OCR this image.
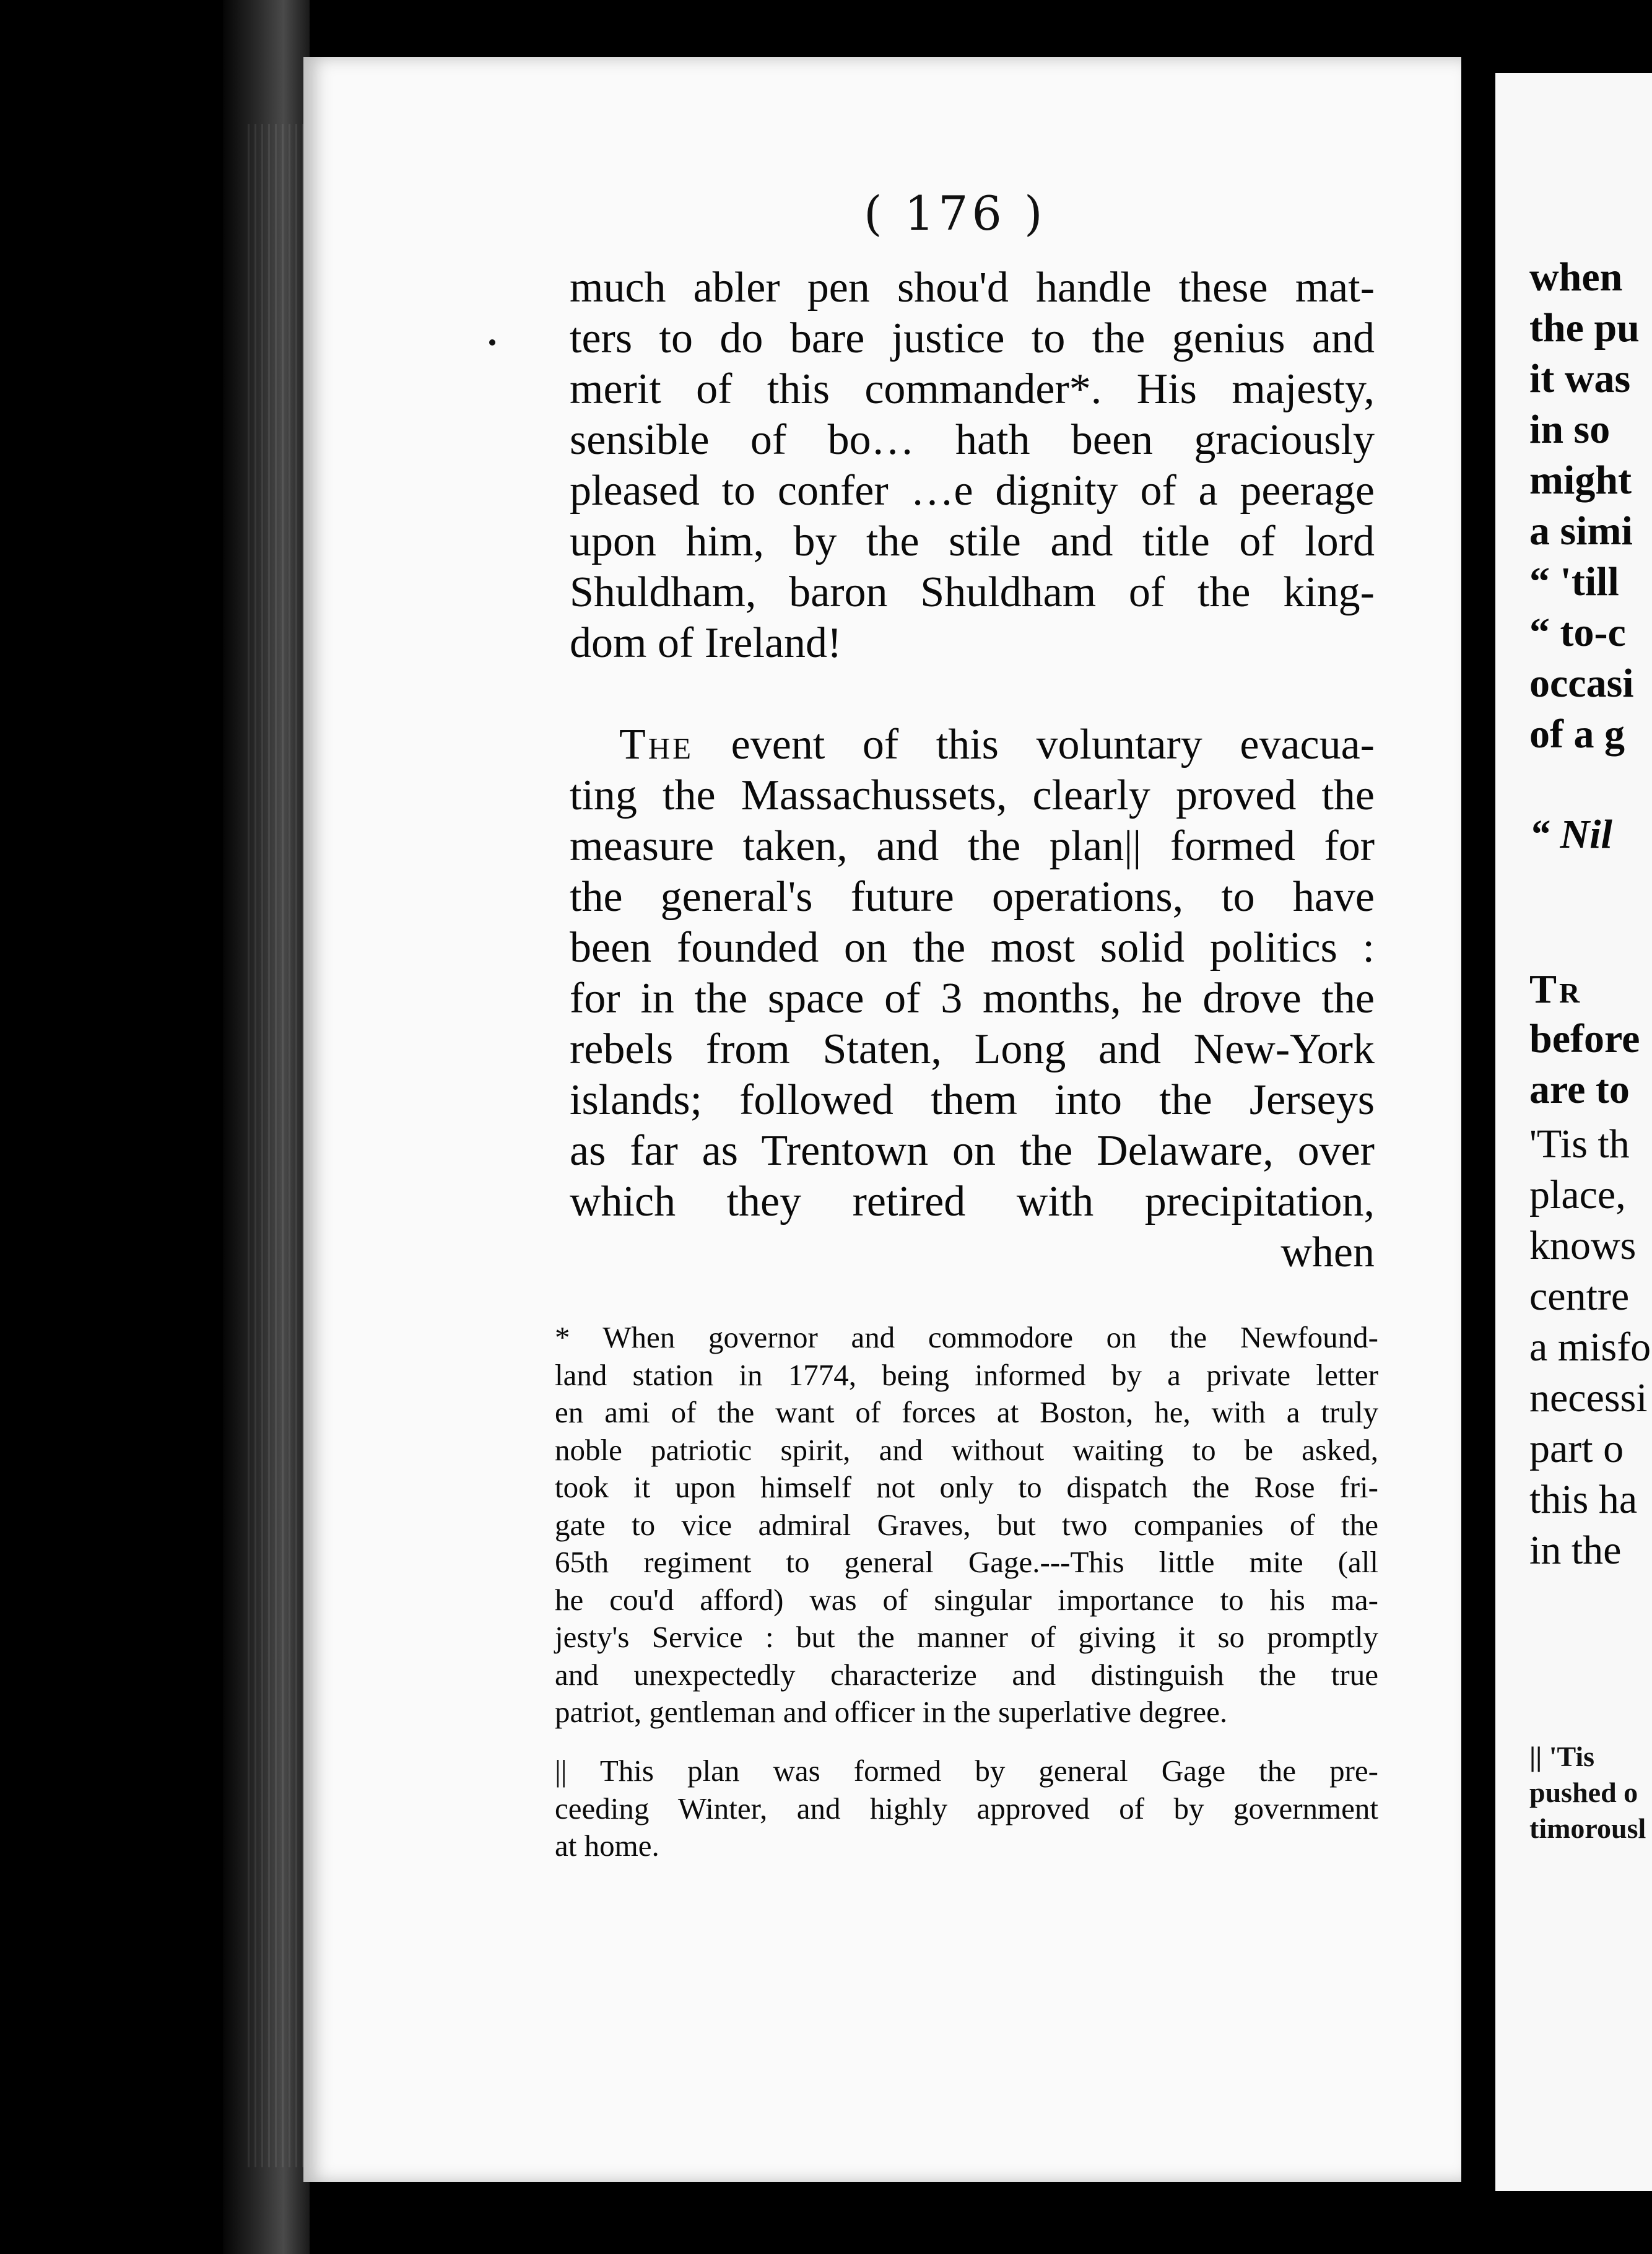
( 176 )
much abler pen shou'd handle these mat-
ters to do bare justice to the genius and
merit of this commander*. His majesty,
sensible of bo… hath been graciously
pleased to confer …e dignity of a peerage
upon him, by the stile and title of lord
Shuldham, baron Shuldham of the king-
dom of Ireland!
The event of this voluntary evacua-
ting the Massachussets, clearly proved the
measure taken, and the plan|| formed for
the general's future operations, to have
been founded on the most solid politics :
for in the space of 3 months, he drove the
rebels from Staten, Long and New-York
islands; followed them into the Jerseys
as far as Trentown on the Delaware, over
which they retired with precipitation,
when
* When governor and commodore on the Newfound-
land station in 1774, being informed by a private letter
en ami of the want of forces at Boston, he, with a truly
noble patriotic spirit, and without waiting to be asked,
took it upon himself not only to dispatch the Rose fri-
gate to vice admiral Graves, but two companies of the
65th regiment to general Gage.---This little mite (all
he cou'd afford) was of singular importance to his ma-
jesty's Service : but the manner of giving it so promptly
and unexpectedly characterize and distinguish the true
patriot, gentleman and officer in the superlative degree.
|| This plan was formed by general Gage the pre-
ceeding Winter, and highly approved of by government
at home.
when
the pu
it was
in so
might
a simi
“ 'till
“ to-c
occasi
of a g
“ Nil
Tr
before
are to
'Tis th
place,
knows
centre
a misfo
necessi
part o
this ha
in the
|| 'Tis
pushed o
timorousl
